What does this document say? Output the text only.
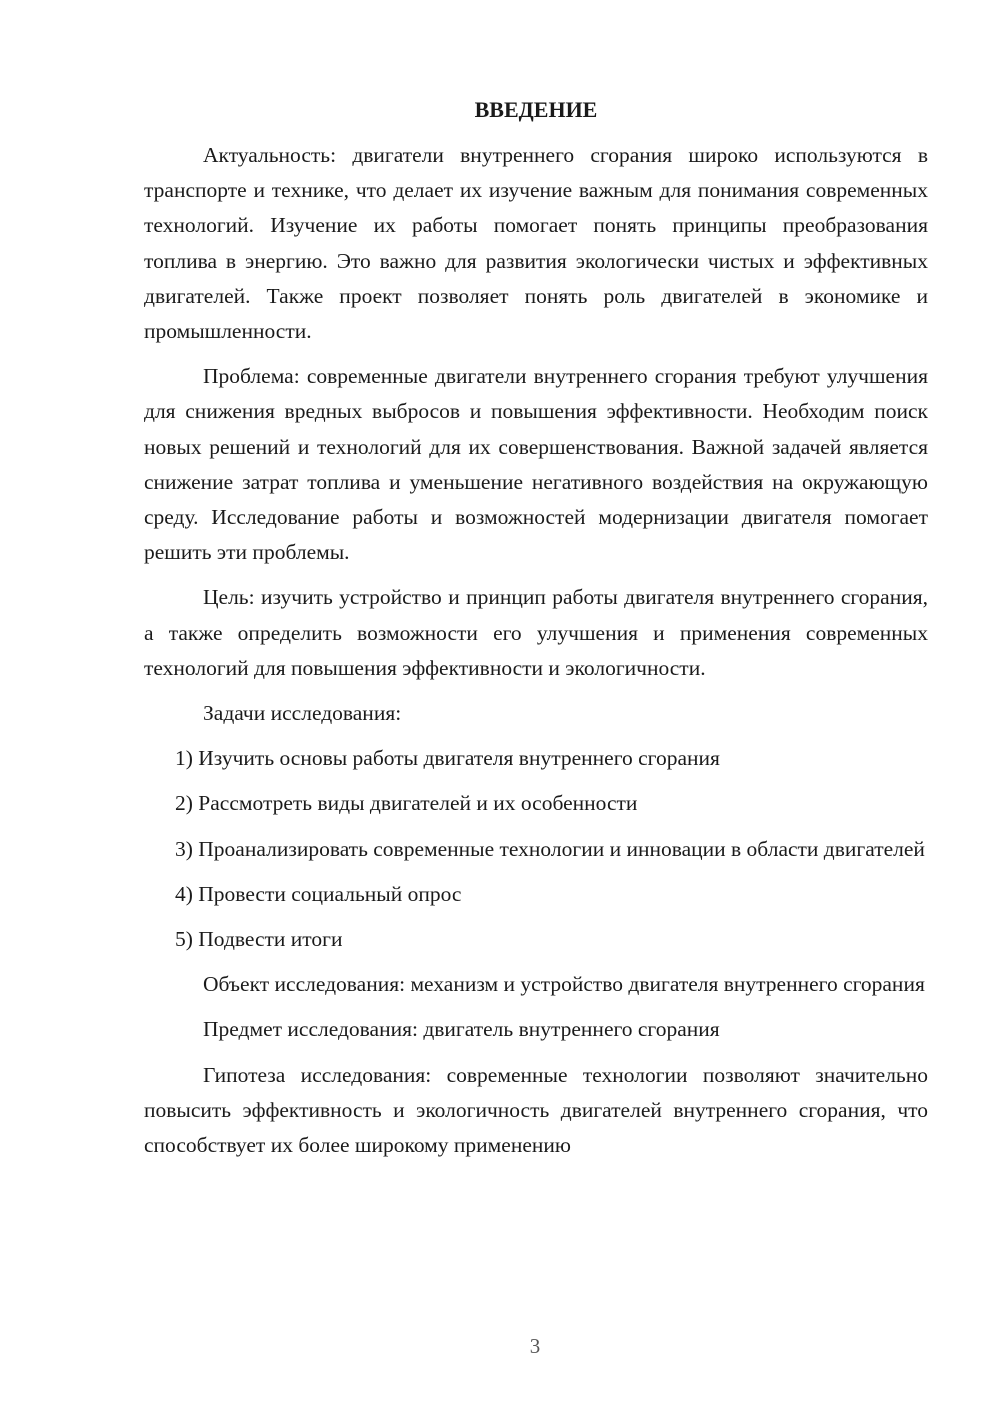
ВВЕДЕНИЕ

Актуальность: двигатели внутреннего сгорания широко используются в транспорте и технике, что делает их изучение важным для понимания современных технологий. Изучение их работы помогает понять принципы преобразования топлива в энергию. Это важно для развития экологически чистых и эффективных двигателей. Также проект позволяет понять роль двигателей в экономике и промышленности.

Проблема: современные двигатели внутреннего сгорания требуют улучшения для снижения вредных выбросов и повышения эффективности. Необходим поиск новых решений и технологий для их совершенствования. Важной задачей является снижение затрат топлива и уменьшение негативного воздействия на окружающую среду. Исследование работы и возможностей модернизации двигателя помогает решить эти проблемы.

Цель: изучить устройство и принцип работы двигателя внутреннего сгорания, а также определить возможности его улучшения и применения современных технологий для повышения эффективности и экологичности.

Задачи исследования:

1) Изучить основы работы двигателя внутреннего сгорания

2) Рассмотреть виды двигателей и их особенности

3) Проанализировать современные технологии и инновации в области двигателей

4) Провести социальный опрос

5) Подвести итоги

Объект исследования: механизм и устройство двигателя внутреннего сгорания

Предмет исследования: двигатель внутреннего сгорания

Гипотеза исследования: современные технологии позволяют значительно повысить эффективность и экологичность двигателей внутреннего сгорания, что способствует их более широкому применению

3
